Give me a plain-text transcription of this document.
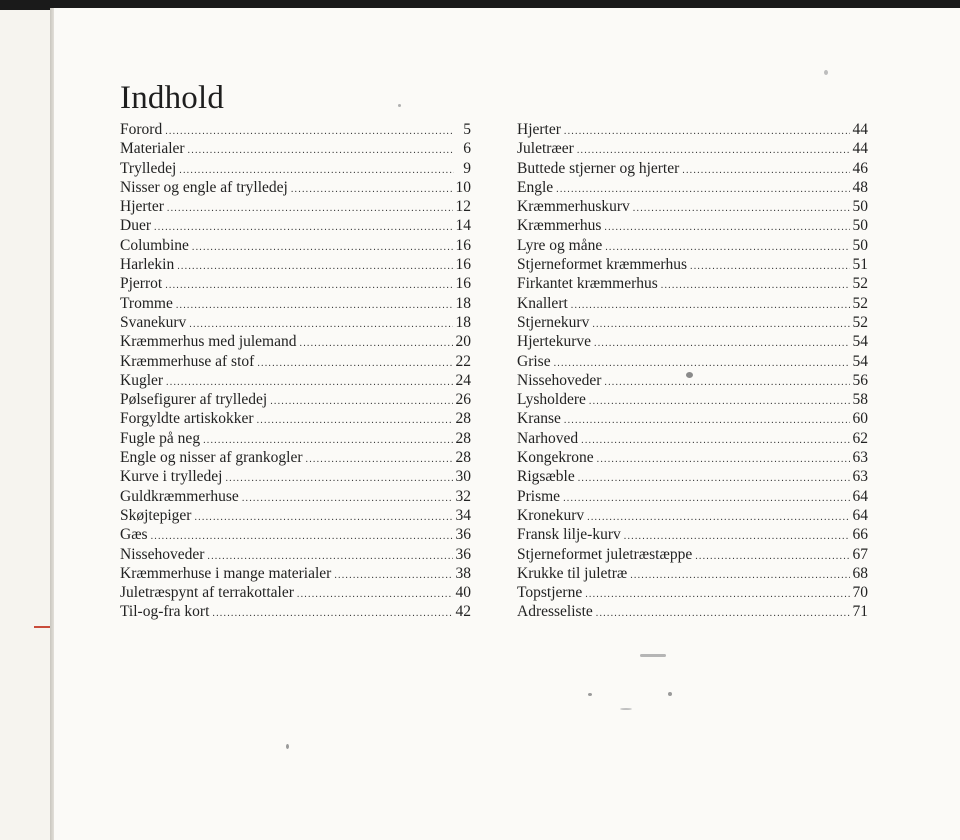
Indhold
Forord .....	5
Materialer .....	6
Trylledej .....	9
Nisser og engle af trylledej .....	10
Hjerter .....	12
Duer .....	14
Columbine .....	16
Harlekin .....	16
Pjerrot .....	16
Tromme .....	18
Svanekurv .....	18
Kræmmerhus med julemand .....	20
Kræmmerhuse af stof .....	22
Kugler .....	24
Pølsefigurer af trylledej .....	26
Forgyldte artiskokker .....	28
Fugle på neg .....	28
Engle og nisser af grankogler .....	28
Kurve i trylledej .....	30
Guldkræmmerhuse .....	32
Skøjtepiger .....	34
Gæs .....	36
Nissehoveder .....	36
Kræmmerhuse i mange materialer .....	38
Juletræspynt af terrakottaler .....	40
Til-og-fra kort .....	42
Hjerter .....	44
Juletræer .....	44
Buttede stjerner og hjerter .....	46
Engle .....	48
Kræmmerhuskurv .....	50
Kræmmerhus .....	50
Lyre og måne .....	50
Stjerneformet kræmmerhus .....	51
Firkantet kræmmerhus .....	52
Knallert .....	52
Stjernekurv .....	52
Hjertekurve .....	54
Grise .....	54
Nissehoveder .....	56
Lysholdere .....	58
Kranse .....	60
Narhoved .....	62
Kongekrone .....	63
Rigsæble .....	63
Prisme .....	64
Kronekurv .....	64
Fransk lilje-kurv .....	66
Stjerneformet juletræstæppe .....	67
Krukke til juletræ .....	68
Topstjerne .....	70
Adresseliste .....	71
